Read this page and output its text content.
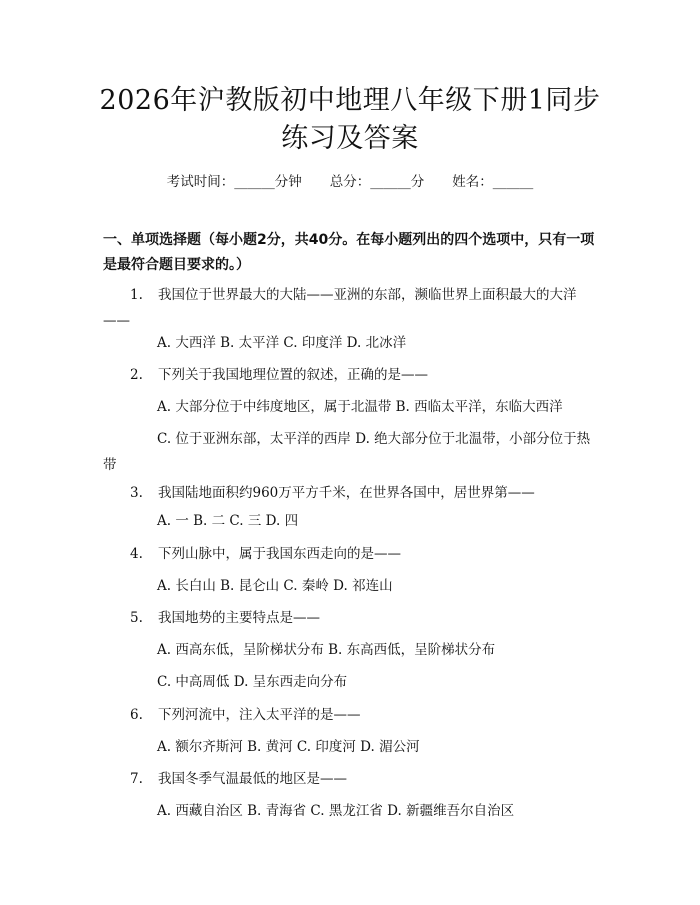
2026年沪教版初中地理八年级下册1同步练习及答案
考试时间：______分钟 总分：______分 姓名：______
一、单项选择题（每小题2分，共40分。在每小题列出的四个选项中，只有一项是最符合题目要求的。）
1. 我国位于世界最大的大陆——亚洲的东部，濒临世界上面积最大的大洋——
A. 大西洋 B. 太平洋 C. 印度洋 D. 北冰洋
2. 下列关于我国地理位置的叙述，正确的是——
A. 大部分位于中纬度地区，属于北温带 B. 西临太平洋，东临大西洋
C. 位于亚洲东部，太平洋的西岸 D. 绝大部分位于北温带，小部分位于热带
3. 我国陆地面积约960万平方千米，在世界各国中，居世界第——
A. 一 B. 二 C. 三 D. 四
4. 下列山脉中，属于我国东西走向的是——
A. 长白山 B. 昆仑山 C. 秦岭 D. 祁连山
5. 我国地势的主要特点是——
A. 西高东低，呈阶梯状分布 B. 东高西低，呈阶梯状分布
C. 中高周低 D. 呈东西走向分布
6. 下列河流中，注入太平洋的是——
A. 额尔齐斯河 B. 黄河 C. 印度河 D. 湄公河
7. 我国冬季气温最低的地区是——
A. 西藏自治区 B. 青海省 C. 黑龙江省 D. 新疆维吾尔自治区
